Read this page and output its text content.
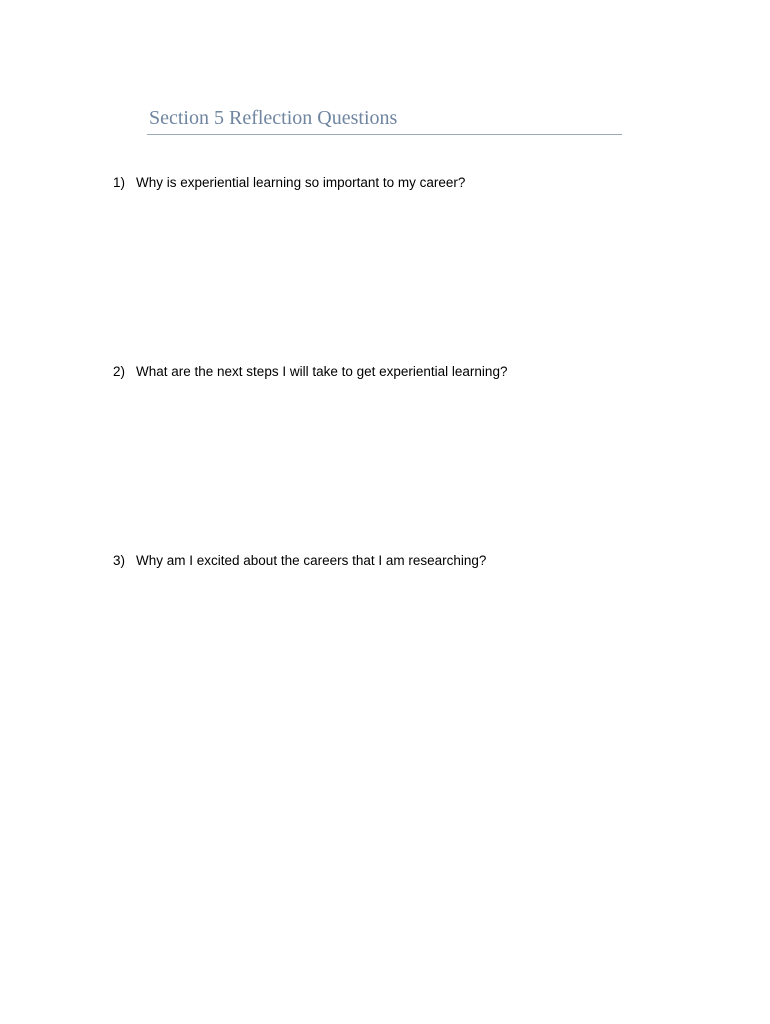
Section 5 Reflection Questions
1) Why is experiential learning so important to my career?
2) What are the next steps I will take to get experiential learning?
3) Why am I excited about the careers that I am researching?
